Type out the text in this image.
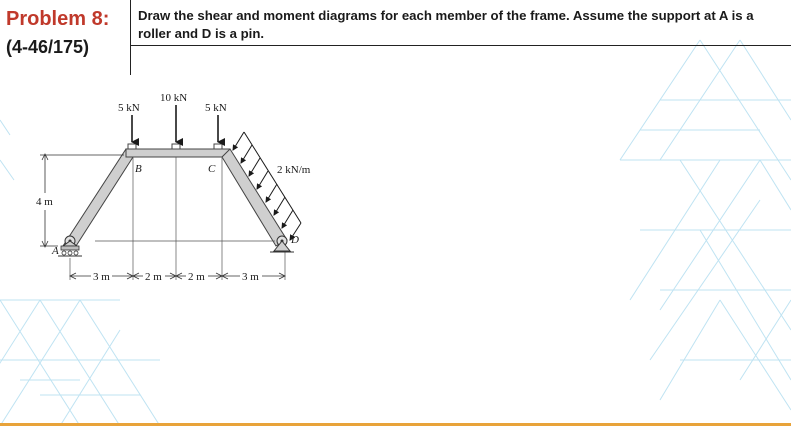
Problem 8:
(4-46/175)

Draw the shear and moment diagrams for each member of the frame. Assume the support at A is a roller and D is a pin.

5 kN
10 kN
5 kN
2 kN/m
A
B	C
D
4 m
3 m	2 m 2 m	3 m
